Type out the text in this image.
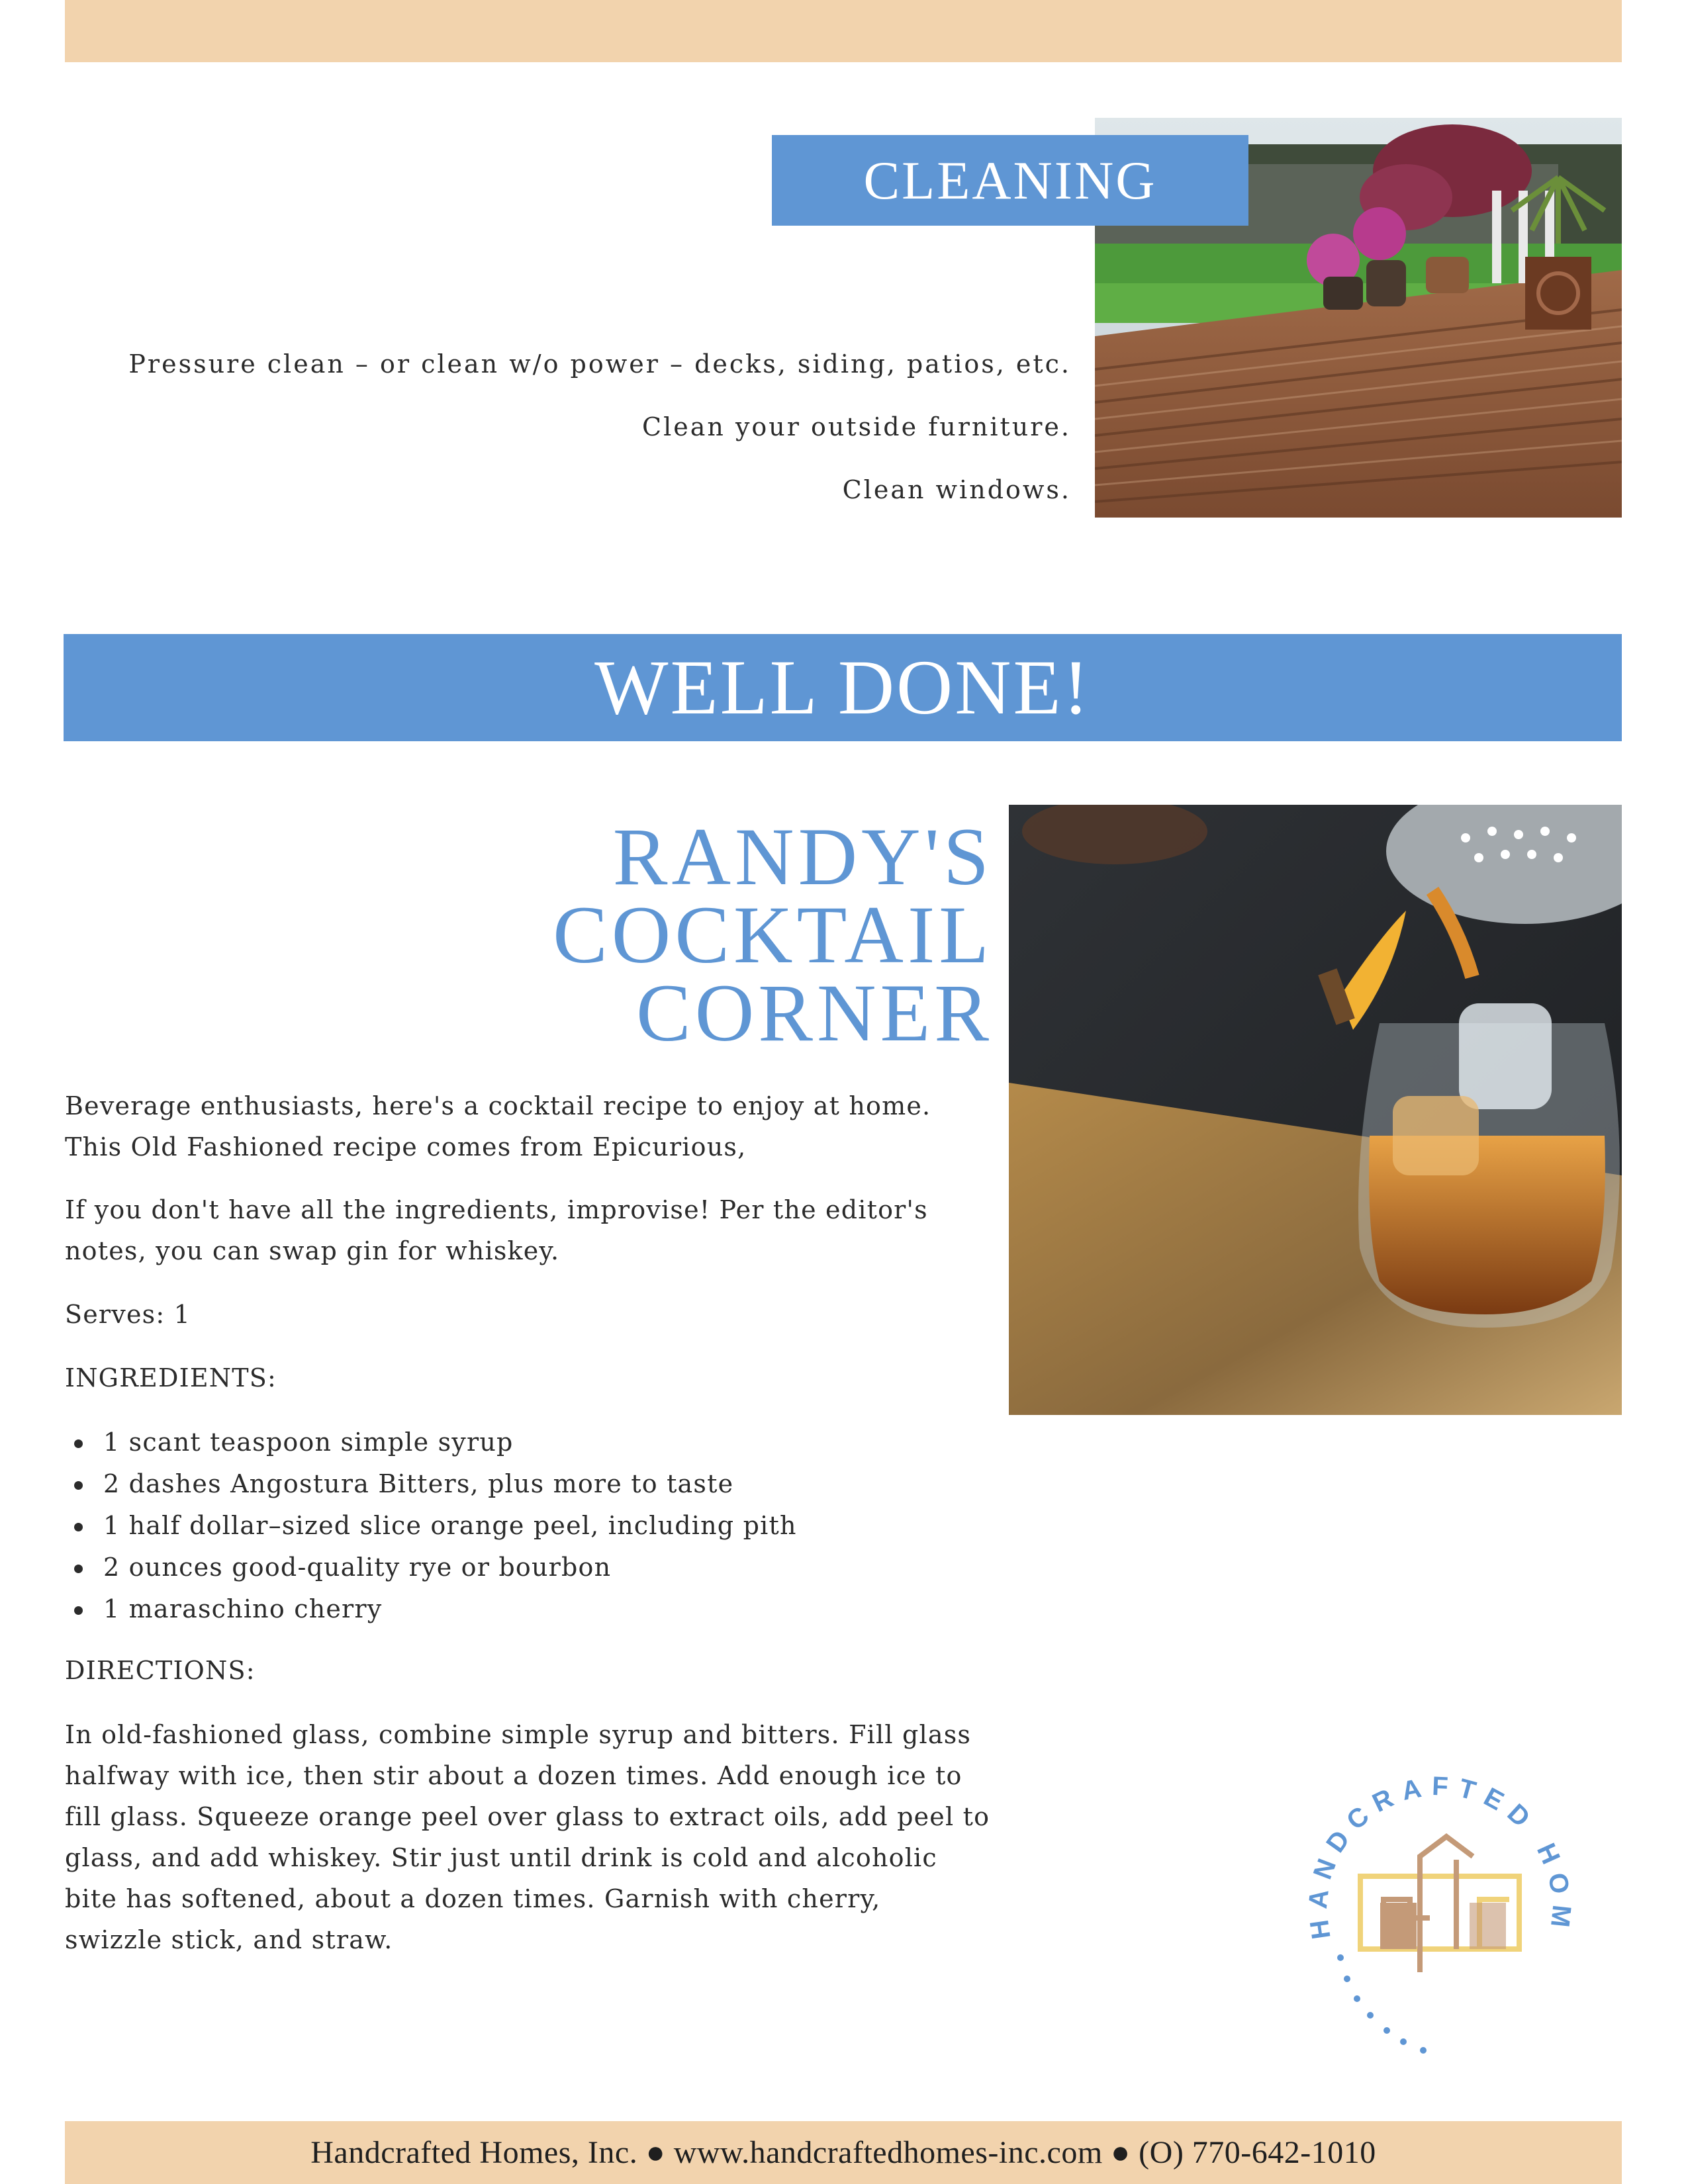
CLEANING
Pressure clean – or clean w/o power – decks, siding, patios, etc.
Clean your outside furniture.
Clean windows.
WELL DONE!
RANDY'S
COCKTAIL
CORNER
Beverage enthusiasts, here's a cocktail recipe to enjoy at home.
This Old Fashioned recipe comes from Epicurious,
If you don't have all the ingredients, improvise! Per the editor's
notes, you can swap gin for whiskey.
Serves: 1
INGREDIENTS:
1 scant teaspoon simple syrup
2 dashes Angostura Bitters, plus more to taste
1 half dollar–sized slice orange peel, including pith
2 ounces good-quality rye or bourbon
1 maraschino cherry
DIRECTIONS:
In old-fashioned glass, combine simple syrup and bitters. Fill glass
halfway with ice, then stir about a dozen times. Add enough ice to
fill glass. Squeeze orange peel over glass to extract oils, add peel to
glass, and add whiskey. Stir just until drink is cold and alcoholic
bite has softened, about a dozen times. Garnish with cherry,
swizzle stick, and straw.	HANDCRAFTED HOM
Handcrafted Homes, Inc. ● www.handcraftedhomes-inc.com ● (O) 770-642-1010
